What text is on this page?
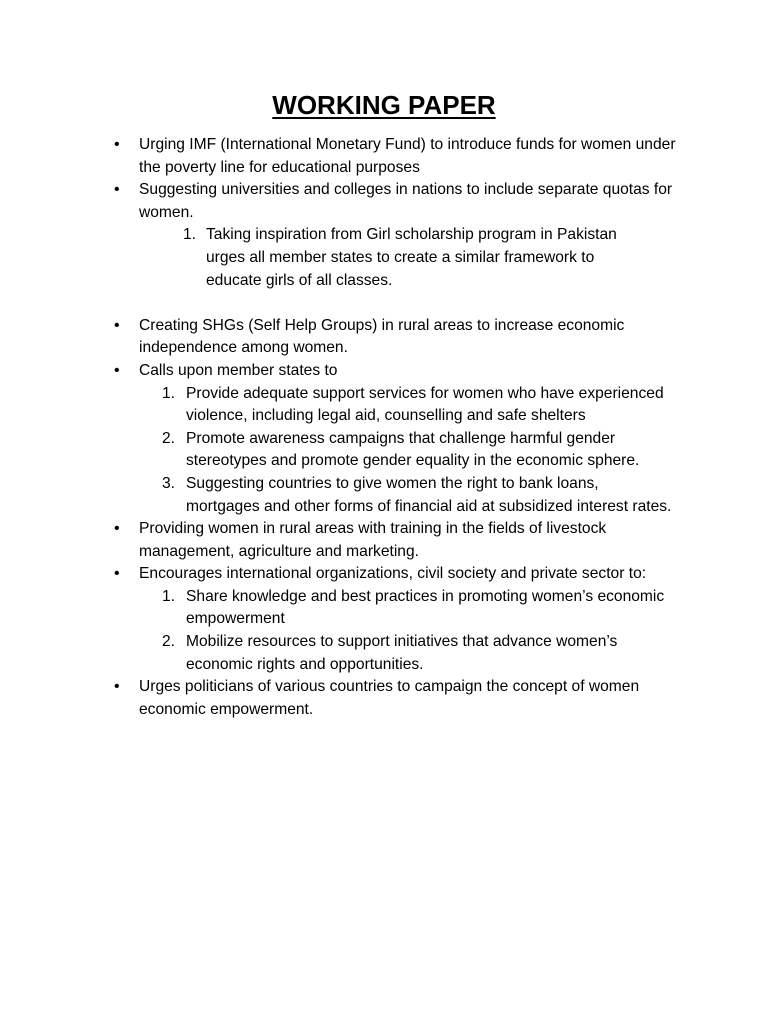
WORKING PAPER
• Urging IMF (International Monetary Fund) to introduce funds for women under the poverty line for educational purposes
• Suggesting universities and colleges in nations to include separate quotas for women.
1. Taking inspiration from Girl scholarship program in Pakistan urges all member states to create a similar framework to educate girls of all classes.
• Creating SHGs (Self Help Groups) in rural areas to increase economic independence among women.
• Calls upon member states to
1. Provide adequate support services for women who have experienced violence, including legal aid, counselling and safe shelters
2. Promote awareness campaigns that challenge harmful gender stereotypes and promote gender equality in the economic sphere.
3. Suggesting countries to give women the right to bank loans, mortgages and other forms of financial aid at subsidized interest rates.
• Providing women in rural areas with training in the fields of livestock management, agriculture and marketing.
• Encourages international organizations, civil society and private sector to:
1. Share knowledge and best practices in promoting women’s economic empowerment
2. Mobilize resources to support initiatives that advance women’s economic rights and opportunities.
• Urges politicians of various countries to campaign the concept of women economic empowerment.
